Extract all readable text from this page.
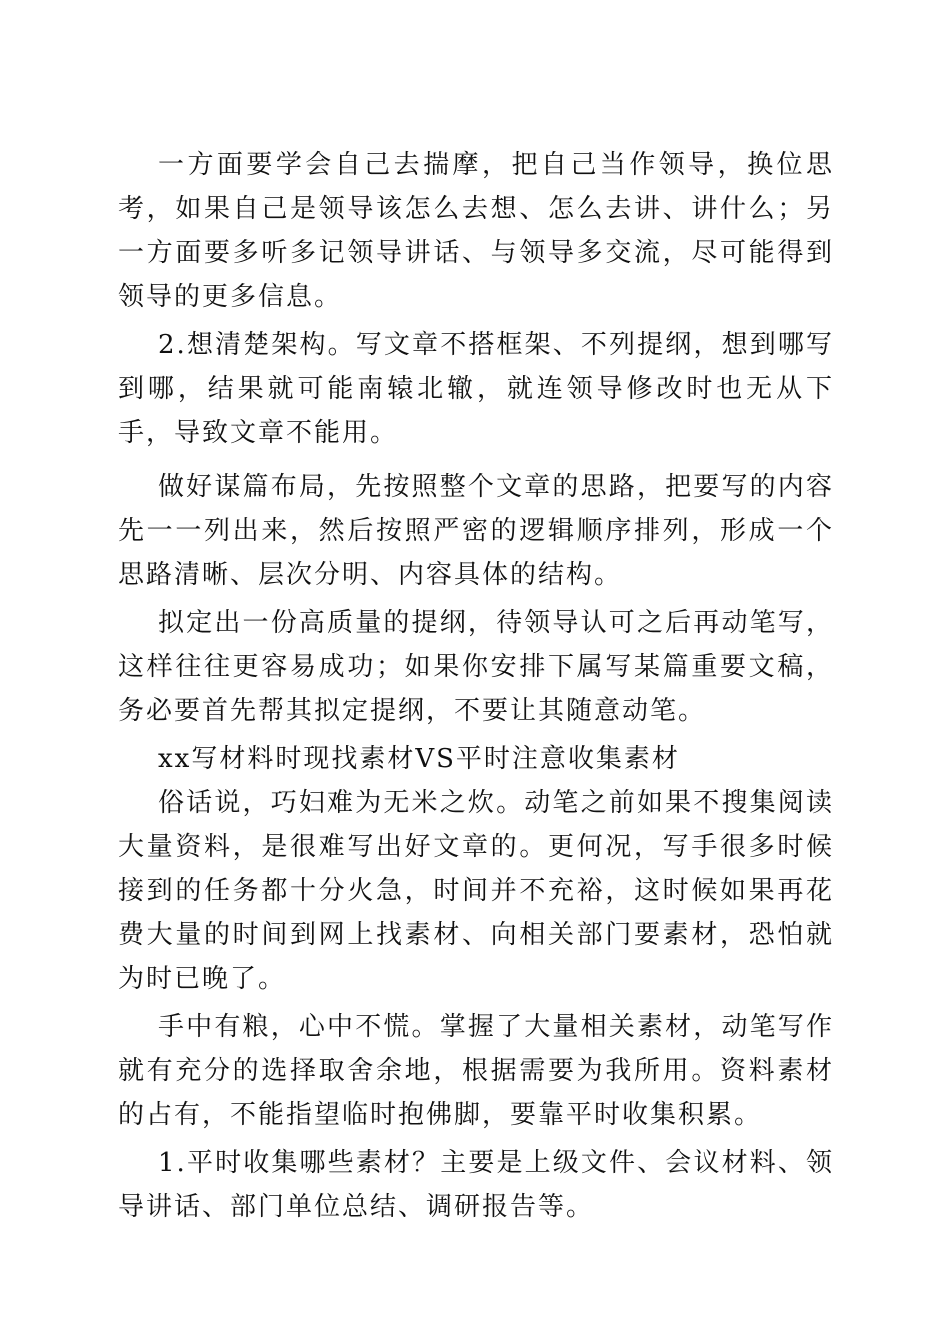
一方面要学会自己去揣摩，把自己当作领导，换位思考，如果自己是领导该怎么去想、怎么去讲、讲什么；另一方面要多听多记领导讲话、与领导多交流，尽可能得到领导的更多信息。

2.想清楚架构。写文章不搭框架、不列提纲，想到哪写到哪，结果就可能南辕北辙，就连领导修改时也无从下手，导致文章不能用。

做好谋篇布局，先按照整个文章的思路，把要写的内容先一一列出来，然后按照严密的逻辑顺序排列，形成一个思路清晰、层次分明、内容具体的结构。

拟定出一份高质量的提纲，待领导认可之后再动笔写，这样往往更容易成功；如果你安排下属写某篇重要文稿，务必要首先帮其拟定提纲，不要让其随意动笔。

xx写材料时现找素材VS平时注意收集素材

俗话说，巧妇难为无米之炊。动笔之前如果不搜集阅读大量资料，是很难写出好文章的。更何况，写手很多时候接到的任务都十分火急，时间并不充裕，这时候如果再花费大量的时间到网上找素材、向相关部门要素材，恐怕就为时已晚了。

手中有粮，心中不慌。掌握了大量相关素材，动笔写作就有充分的选择取舍余地，根据需要为我所用。资料素材的占有，不能指望临时抱佛脚，要靠平时收集积累。

1.平时收集哪些素材？主要是上级文件、会议材料、领导讲话、部门单位总结、调研报告等。
